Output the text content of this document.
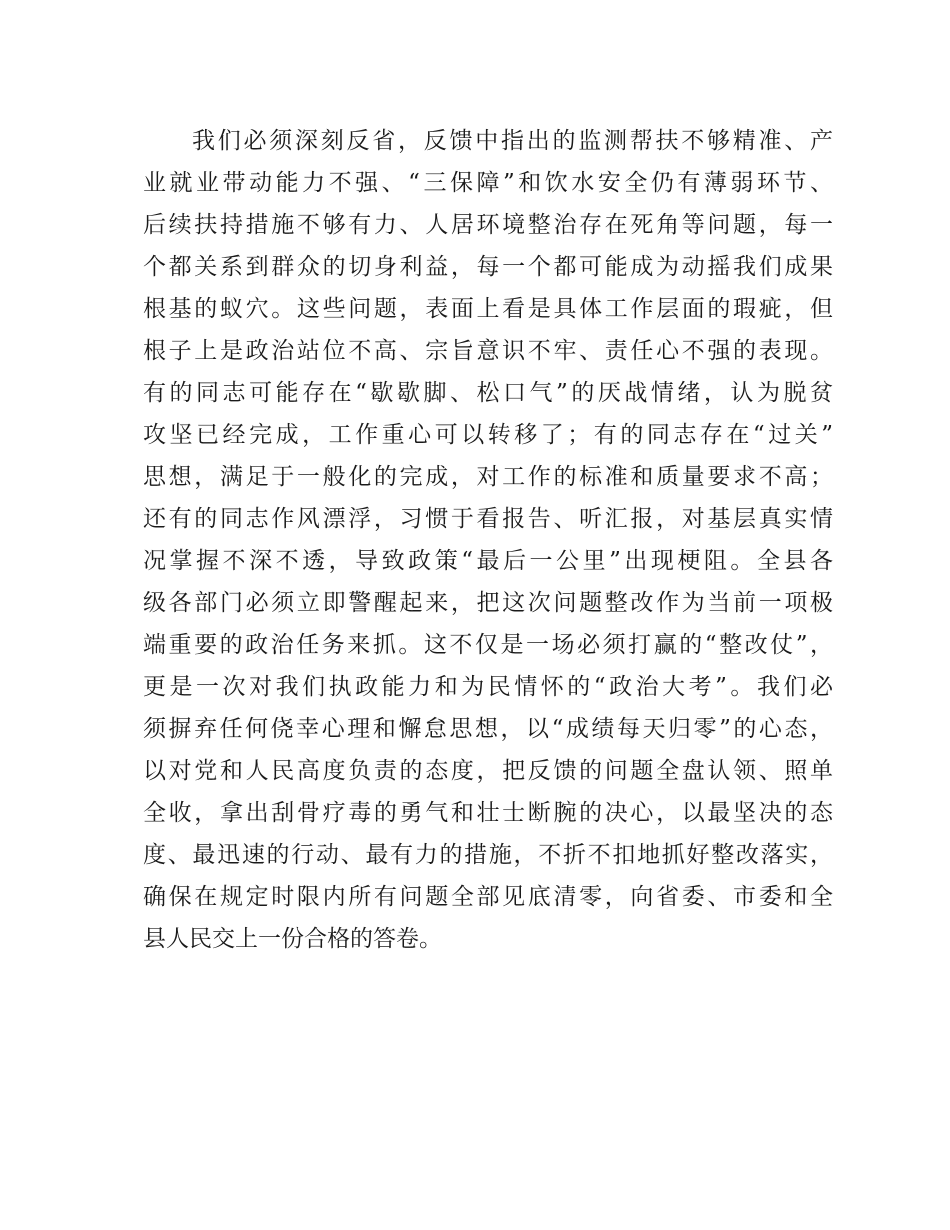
我们必须深刻反省，反馈中指出的监测帮扶不够精准、产
业就业带动能力不强、“三保障”和饮水安全仍有薄弱环节、
后续扶持措施不够有力、人居环境整治存在死角等问题，每一
个都关系到群众的切身利益，每一个都可能成为动摇我们成果
根基的蚁穴。这些问题，表面上看是具体工作层面的瑕疵，但
根子上是政治站位不高、宗旨意识不牢、责任心不强的表现。
有的同志可能存在“歇歇脚、松口气”的厌战情绪，认为脱贫
攻坚已经完成，工作重心可以转移了；有的同志存在“过关”
思想，满足于一般化的完成，对工作的标准和质量要求不高；
还有的同志作风漂浮，习惯于看报告、听汇报，对基层真实情
况掌握不深不透，导致政策“最后一公里”出现梗阻。全县各
级各部门必须立即警醒起来，把这次问题整改作为当前一项极
端重要的政治任务来抓。这不仅是一场必须打赢的“整改仗”，
更是一次对我们执政能力和为民情怀的“政治大考”。我们必
须摒弃任何侥幸心理和懈怠思想，以“成绩每天归零”的心态，
以对党和人民高度负责的态度，把反馈的问题全盘认领、照单
全收，拿出刮骨疗毒的勇气和壮士断腕的决心，以最坚决的态
度、最迅速的行动、最有力的措施，不折不扣地抓好整改落实，
确保在规定时限内所有问题全部见底清零，向省委、市委和全
县人民交上一份合格的答卷。
